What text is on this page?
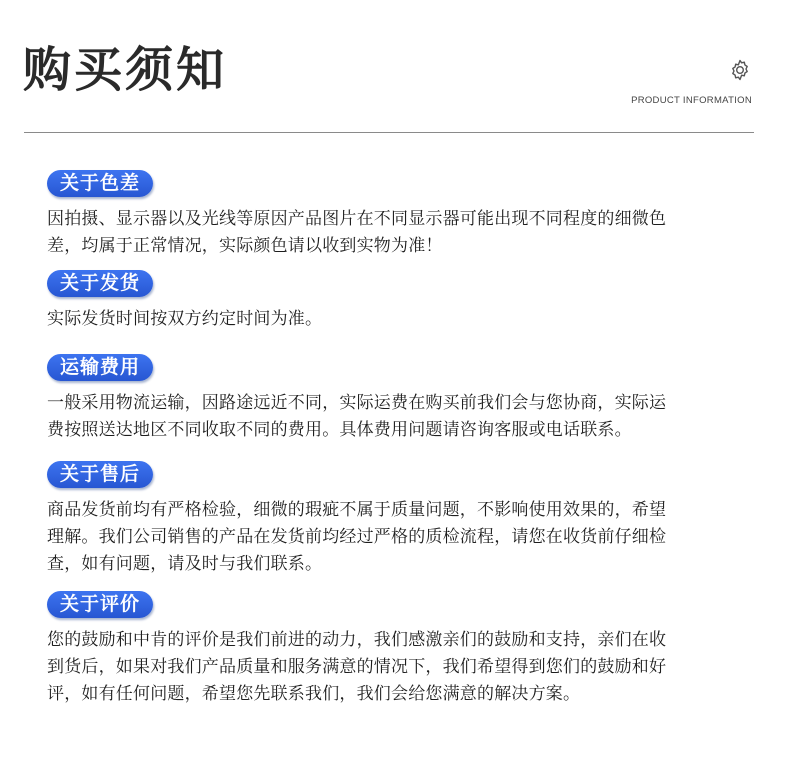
购买须知
PRODUCT INFORMATION
关于色差
因拍摄、显示器以及光线等原因产品图片在不同显示器可能出现不同程度的细微色
差，均属于正常情况，实际颜色请以收到实物为准！
关于发货
实际发货时间按双方约定时间为准。
运输费用
一般采用物流运输，因路途远近不同，实际运费在购买前我们会与您协商，实际运
费按照送达地区不同收取不同的费用。具体费用问题请咨询客服或电话联系。
关于售后
商品发货前均有严格检验，细微的瑕疵不属于质量问题，不影响使用效果的，希望
理解。我们公司销售的产品在发货前均经过严格的质检流程，请您在收货前仔细检
查，如有问题，请及时与我们联系。
关于评价
您的鼓励和中肯的评价是我们前进的动力，我们感激亲们的鼓励和支持，亲们在收
到货后，如果对我们产品质量和服务满意的情况下，我们希望得到您们的鼓励和好
评，如有任何问题，希望您先联系我们，我们会给您满意的解决方案。
